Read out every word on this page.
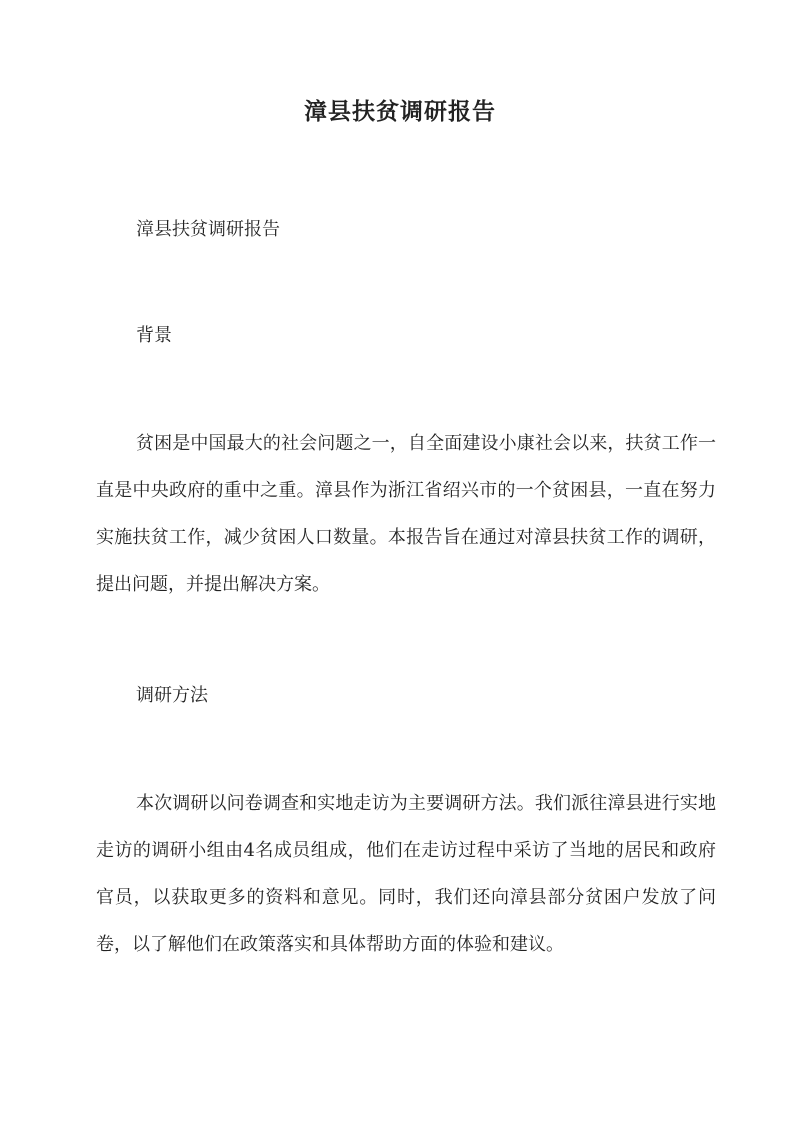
漳县扶贫调研报告

漳县扶贫调研报告

背景

贫困是中国最大的社会问题之一，自全面建设小康社会以来，扶贫工作一直是中央政府的重中之重。漳县作为浙江省绍兴市的一个贫困县，一直在努力实施扶贫工作，减少贫困人口数量。本报告旨在通过对漳县扶贫工作的调研，提出问题，并提出解决方案。

调研方法

本次调研以问卷调查和实地走访为主要调研方法。我们派往漳县进行实地走访的调研小组由4名成员组成，他们在走访过程中采访了当地的居民和政府官员，以获取更多的资料和意见。同时，我们还向漳县部分贫困户发放了问卷，以了解他们在政策落实和具体帮助方面的体验和建议。
